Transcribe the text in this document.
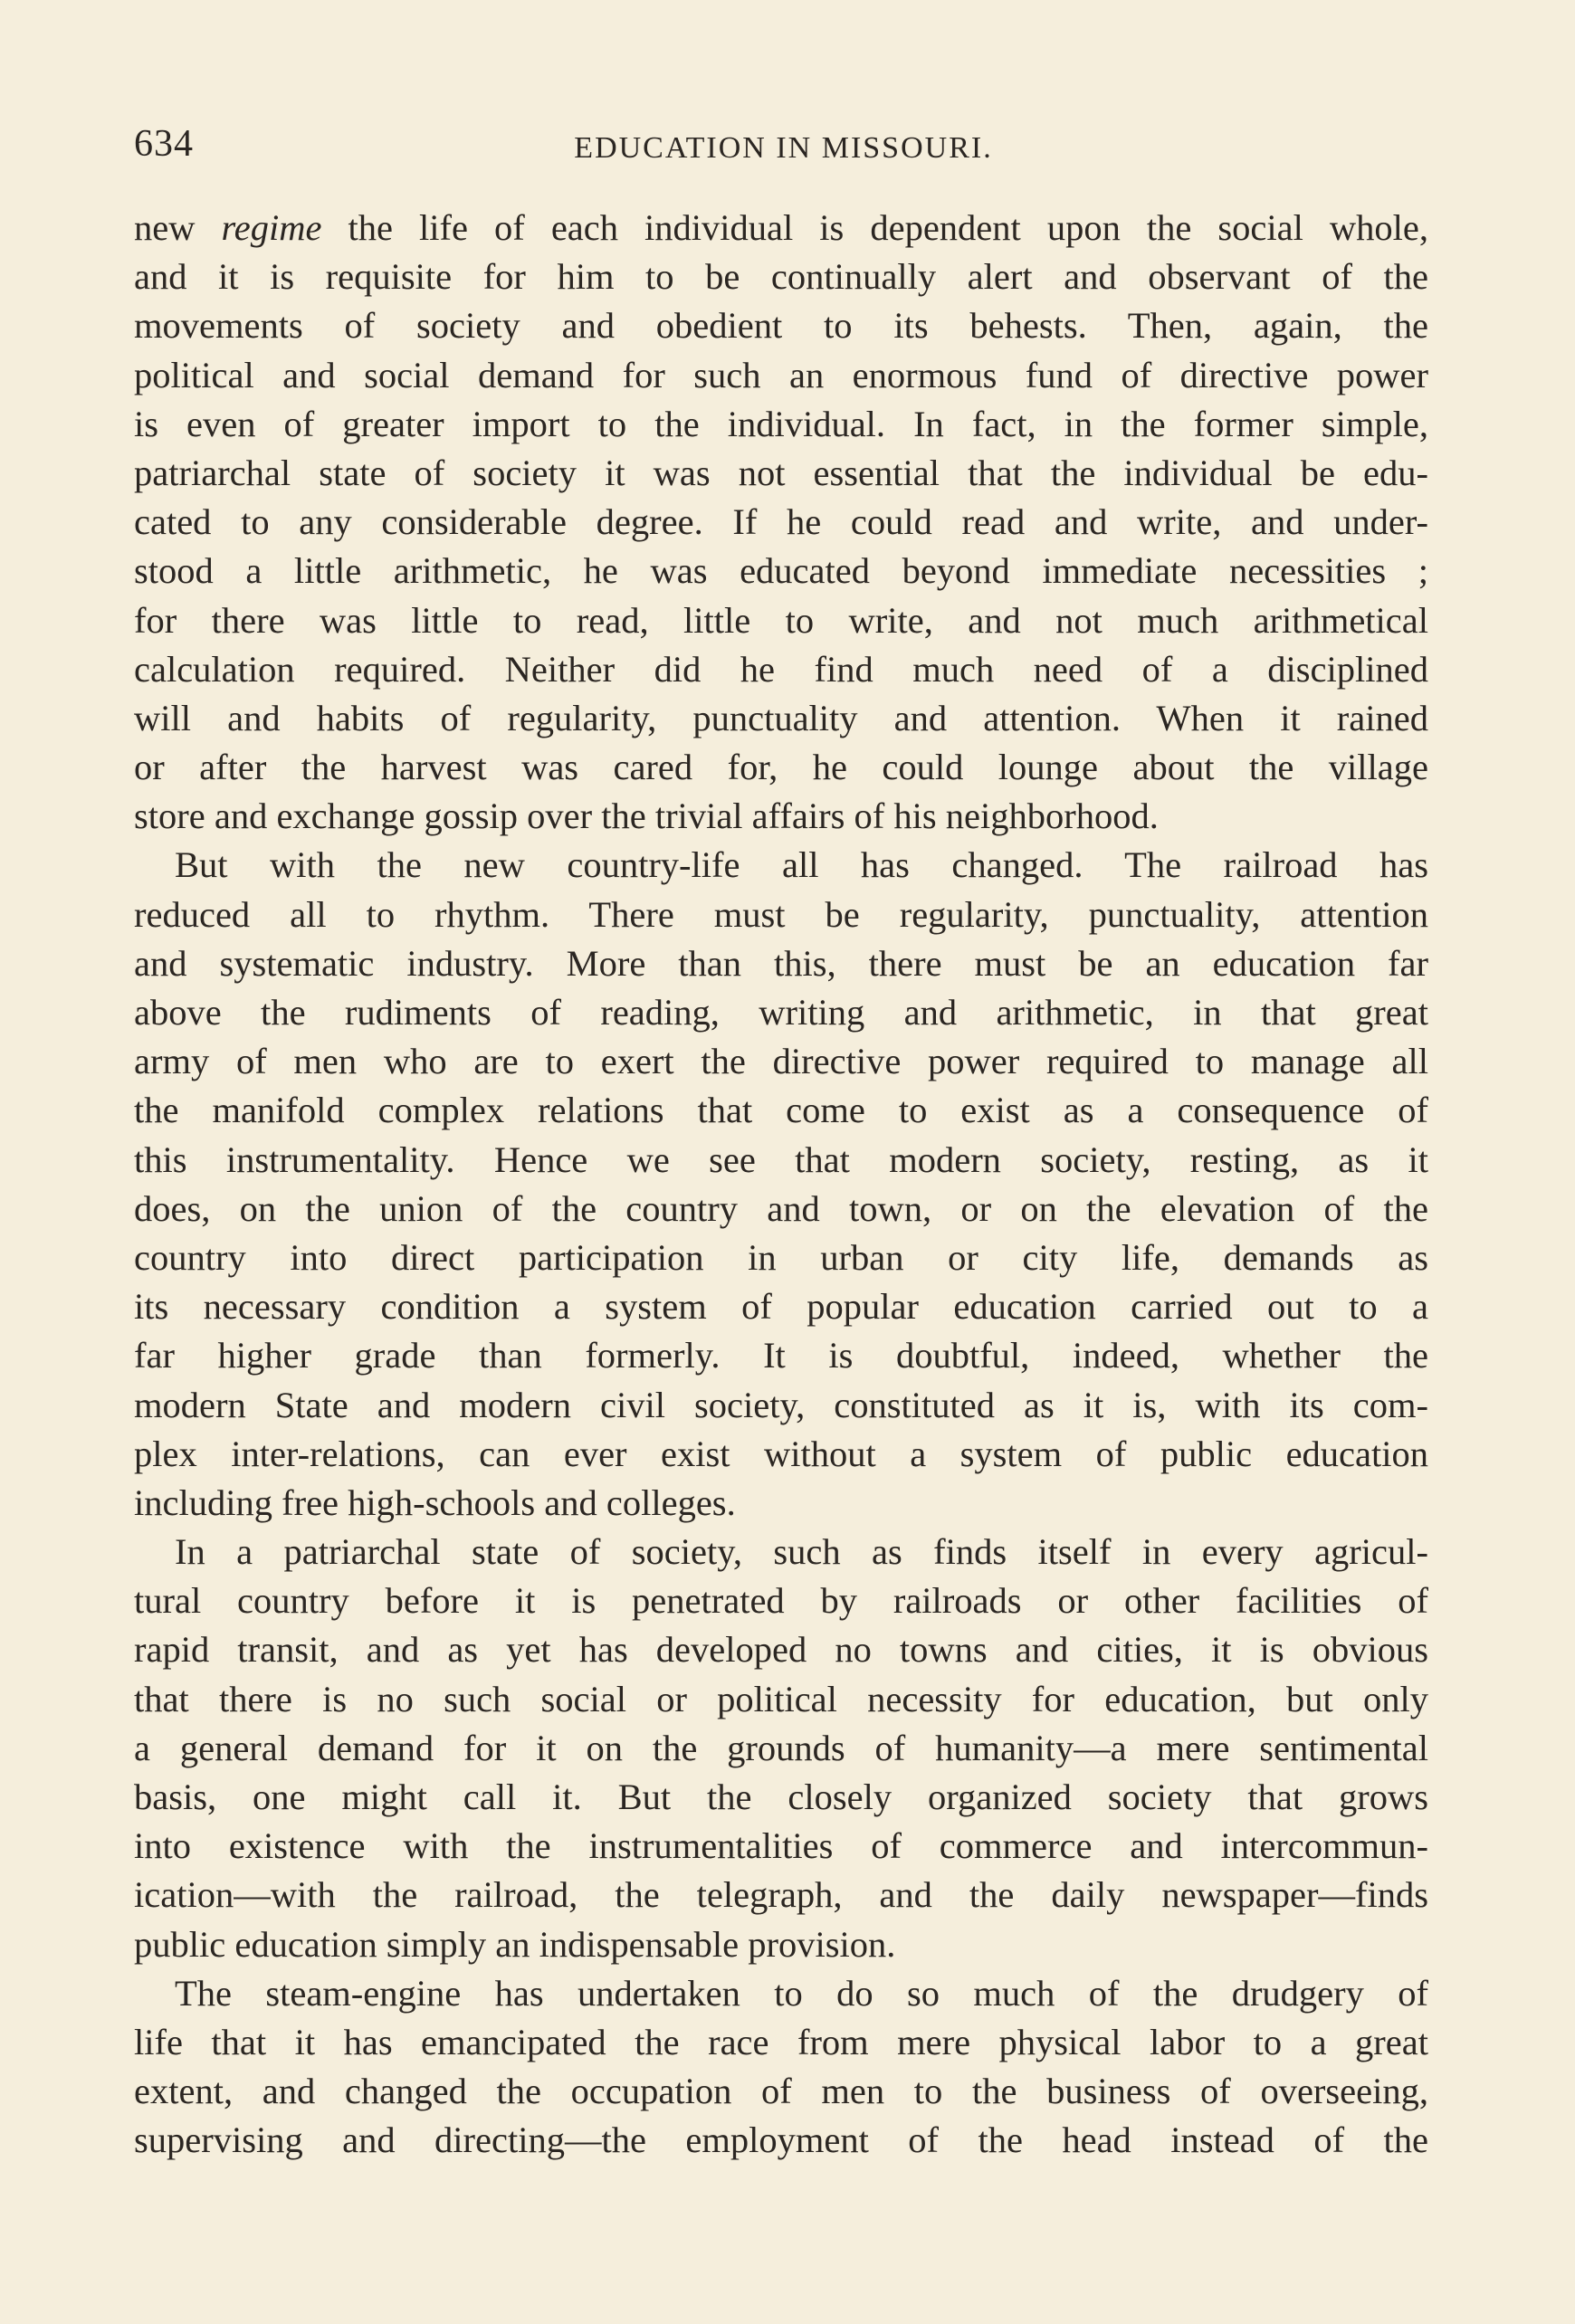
634	EDUCATION IN MISSOURI.
new regime the life of each individual is dependent upon the social whole,
and it is requisite for him to be continually alert and observant of the
movements of society and obedient to its behests. Then, again, the
political and social demand for such an enormous fund of directive power
is even of greater import to the individual. In fact, in the former simple,
patriarchal state of society it was not essential that the individual be edu-
cated to any considerable degree. If he could read and write, and under-
stood a little arithmetic, he was educated beyond immediate necessities ;
for there was little to read, little to write, and not much arithmetical
calculation required. Neither did he find much need of a disciplined
will and habits of regularity, punctuality and attention. When it rained
or after the harvest was cared for, he could lounge about the village
store and exchange gossip over the trivial affairs of his neighborhood.
But with the new country-life all has changed. The railroad has
reduced all to rhythm. There must be regularity, punctuality, attention
and systematic industry. More than this, there must be an education far
above the rudiments of reading, writing and arithmetic, in that great
army of men who are to exert the directive power required to manage all
the manifold complex relations that come to exist as a consequence of
this instrumentality. Hence we see that modern society, resting, as it
does, on the union of the country and town, or on the elevation of the
country into direct participation in urban or city life, demands as
its necessary condition a system of popular education carried out to a
far higher grade than formerly. It is doubtful, indeed, whether the
modern State and modern civil society, constituted as it is, with its com-
plex inter-relations, can ever exist without a system of public education
including free high-schools and colleges.
In a patriarchal state of society, such as finds itself in every agricul-
tural country before it is penetrated by railroads or other facilities of
rapid transit, and as yet has developed no towns and cities, it is obvious
that there is no such social or political necessity for education, but only
a general demand for it on the grounds of humanity—a mere sentimental
basis, one might call it. But the closely organized society that grows
into existence with the instrumentalities of commerce and intercommun-
ication—with the railroad, the telegraph, and the daily newspaper—finds
public education simply an indispensable provision.
The steam-engine has undertaken to do so much of the drudgery of
life that it has emancipated the race from mere physical labor to a great
extent, and changed the occupation of men to the business of overseeing,
supervising and directing—the employment of the head instead of the
